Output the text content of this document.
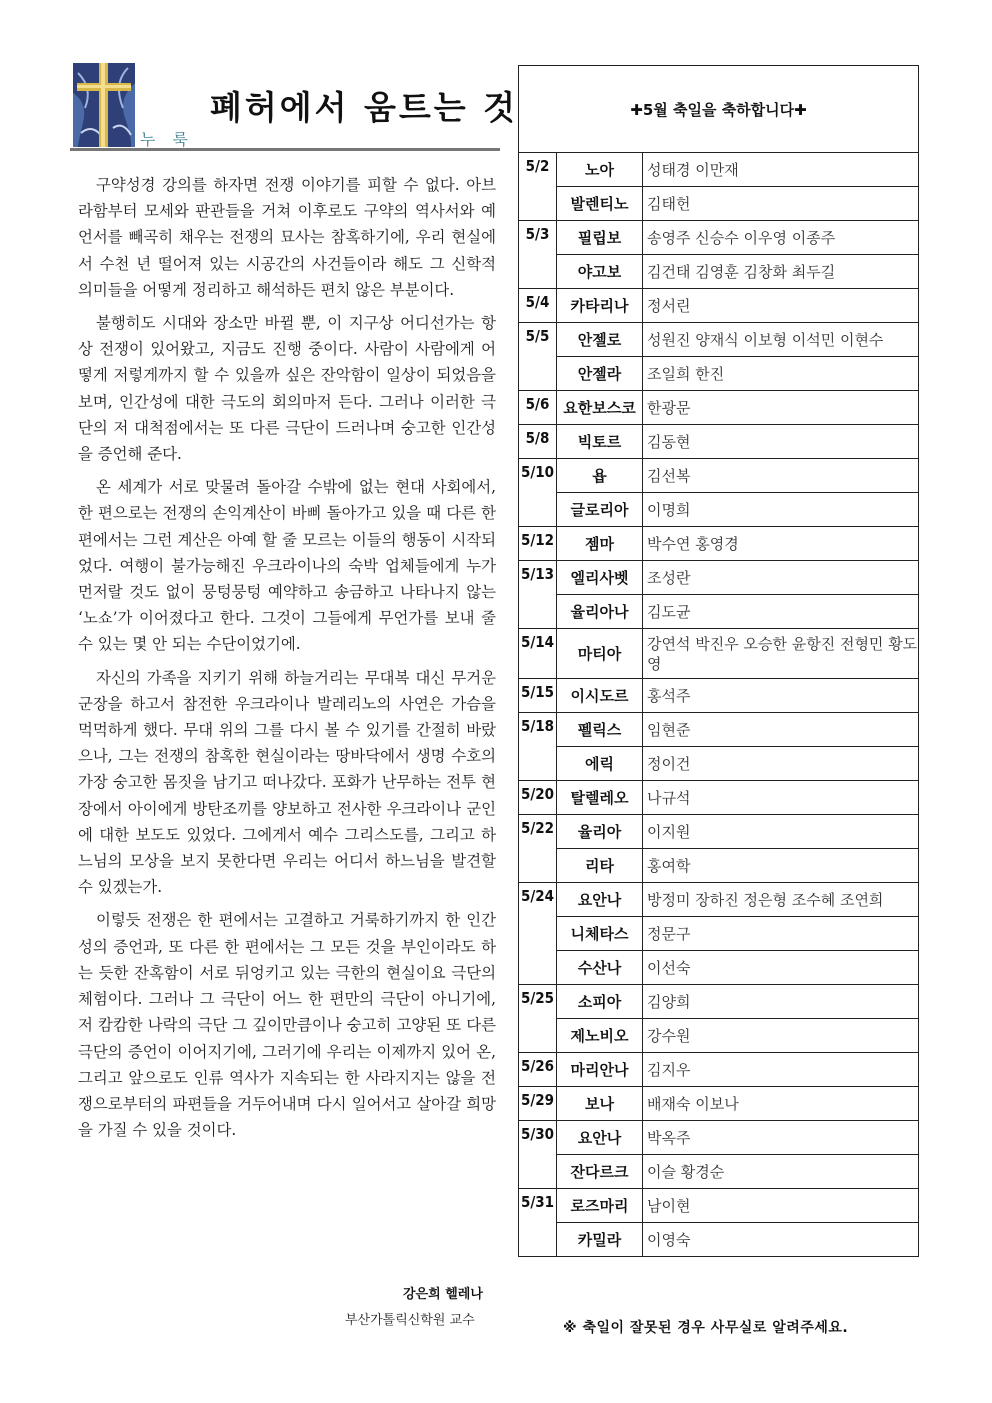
누 룩
폐허에서 움트는 것

구약성경 강의를 하자면 전쟁 이야기를 피할 수 없다. 아브라함부터 모세와 판관들을 거쳐 이후로도 구약의 역사서와 예언서를 빼곡히 채우는 전쟁의 묘사는 참혹하기에, 우리 현실에서 수천 년 떨어져 있는 시공간의 사건들이라 해도 그 신학적 의미들을 어떻게 정리하고 해석하든 편치 않은 부분이다.

불행히도 시대와 장소만 바뀔 뿐, 이 지구상 어디선가는 항상 전쟁이 있어왔고, 지금도 진행 중이다. 사람이 사람에게 어떻게 저렇게까지 할 수 있을까 싶은 잔악함이 일상이 되었음을 보며, 인간성에 대한 극도의 회의마저 든다. 그러나 이러한 극단의 저 대척점에서는 또 다른 극단이 드러나며 숭고한 인간성을 증언해 준다.

온 세계가 서로 맞물려 돌아갈 수밖에 없는 현대 사회에서, 한 편으로는 전쟁의 손익계산이 바삐 돌아가고 있을 때 다른 한 편에서는 그런 계산은 아예 할 줄 모르는 이들의 행동이 시작되었다. 여행이 불가능해진 우크라이나의 숙박 업체들에게 누가 먼저랄 것도 없이 뭉텅뭉텅 예약하고 송금하고 나타나지 않는 ‘노쇼’가 이어졌다고 한다. 그것이 그들에게 무언가를 보내 줄 수 있는 몇 안 되는 수단이었기에.

자신의 가족을 지키기 위해 하늘거리는 무대복 대신 무거운 군장을 하고서 참전한 우크라이나 발레리노의 사연은 가슴을 먹먹하게 했다. 무대 위의 그를 다시 볼 수 있기를 간절히 바랐으나, 그는 전쟁의 참혹한 현실이라는 땅바닥에서 생명 수호의 가장 숭고한 몸짓을 남기고 떠나갔다. 포화가 난무하는 전투 현장에서 아이에게 방탄조끼를 양보하고 전사한 우크라이나 군인에 대한 보도도 있었다. 그에게서 예수 그리스도를, 그리고 하느님의 모상을 보지 못한다면 우리는 어디서 하느님을 발견할 수 있겠는가.

이렇듯 전쟁은 한 편에서는 고결하고 거룩하기까지 한 인간성의 증언과, 또 다른 한 편에서는 그 모든 것을 부인이라도 하는 듯한 잔혹함이 서로 뒤엉키고 있는 극한의 현실이요 극단의 체험이다. 그러나 그 극단이 어느 한 편만의 극단이 아니기에, 저 캄캄한 나락의 극단 그 깊이만큼이나 숭고히 고양된 또 다른 극단의 증언이 이어지기에, 그러기에 우리는 이제까지 있어 온, 그리고 앞으로도 인류 역사가 지속되는 한 사라지지는 않을 전쟁으로부터의 파편들을 거두어내며 다시 일어서고 살아갈 희망을 가질 수 있을 것이다.

강은희 헬레나
부산가톨릭신학원 교수
✚5월 축일을 축하합니다✚		
5/2	노아	성태경 이만재
	발렌티노	김태헌
5/3	필립보	송영주 신승수 이우영 이종주
	야고보	김건태 김영훈 김창화 최두길
5/4	카타리나	정서린
5/5	안젤로	성원진 양재식 이보형 이석민 이현수
	안젤라	조일희 한진
5/6	요한보스코	한광문
5/8	빅토르	김동현
5/10	욥	김선복
	글로리아	이명희
5/12	젬마	박수연 홍영경
5/13	엘리사벳	조성란
	율리아나	김도균
5/14	마티아	강연석 박진우 오승한 윤항진 전형민 황도영
5/15	이시도르	홍석주
5/18	펠릭스	임현준
	에릭	정이건
5/20	탈렐레오	나규석
5/22	율리아	이지원
	리타	홍여학
5/24	요안나	방정미 장하진 정은형 조수혜 조연희
	니체타스	정문구
	수산나	이선숙
5/25	소피아	김양희
	제노비오	강수원
5/26	마리안나	김지우
5/29	보나	배재숙 이보나
5/30	요안나	박옥주
	잔다르크	이슬 황경순
5/31	로즈마리	남이현
	카밀라	이영숙
※ 축일이 잘못된 경우 사무실로 알려주세요.
